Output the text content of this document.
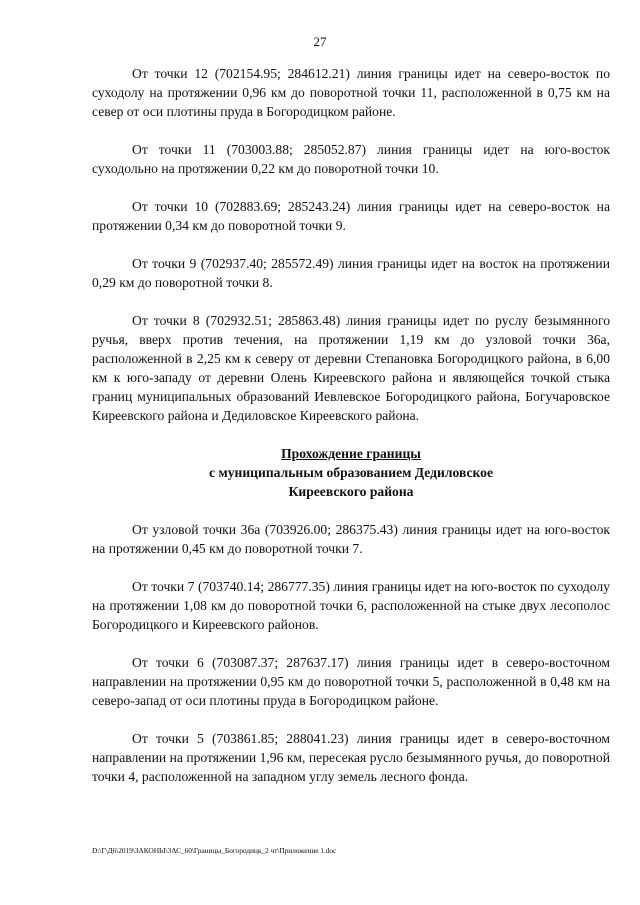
27

От точки 12 (702154.95; 284612.21) линия границы идет на северо-восток по суходолу на протяжении 0,96 км до поворотной точки 11, расположенной в 0,75 км на север от оси плотины пруда в Богородицком районе.

От точки 11 (703003.88; 285052.87) линия границы идет на юго-восток суходольно на протяжении 0,22 км до поворотной точки 10.

От точки 10 (702883.69; 285243.24) линия границы идет на северо-восток на протяжении 0,34 км до поворотной точки 9.

От точки 9 (702937.40; 285572.49) линия границы идет на восток на протяжении 0,29 км до поворотной точки 8.

От точки 8 (702932.51; 285863.48) линия границы идет по руслу безымянного ручья, вверх против течения, на протяжении 1,19 км до узловой точки 36а, расположенной в 2,25 км к северу от деревни Степановка Богородицкого района, в 6,00 км к юго-западу от деревни Олень Киреевского района и являющейся точкой стыка границ муниципальных образований Иевлевское Богородицкого района, Богучаровское Киреевского района и Дедиловское Киреевского района.

Прохождение границы
с муниципальным образованием Дедиловское
Киреевского района

От узловой точки 36а (703926.00; 286375.43) линия границы идет на юго-восток на протяжении 0,45 км до поворотной точки 7.

От точки 7 (703740.14; 286777.35) линия границы идет на юго-восток по суходолу на протяжении 1,08 км до поворотной точки 6, расположенной на стыке двух лесополос Богородицкого и Киреевского районов.

От точки 6 (703087.37; 287637.17) линия границы идет в северо-восточном направлении на протяжении 0,95 км до поворотной точки 5, расположенной в 0,48 км на северо-запад от оси плотины пруда в Богородицком районе.

От точки 5 (703861.85; 288041.23) линия границы идет в северо-восточном направлении на протяжении 1,96 км, пересекая русло безымянного ручья, до поворотной точки 4, расположенной на западном углу земель лесного фонда.

D:\Г\Д6\2019\ЗАКОНЫ\ЗАС_60\Границы_Богородицк_2 чт\Приложение 1.doc
